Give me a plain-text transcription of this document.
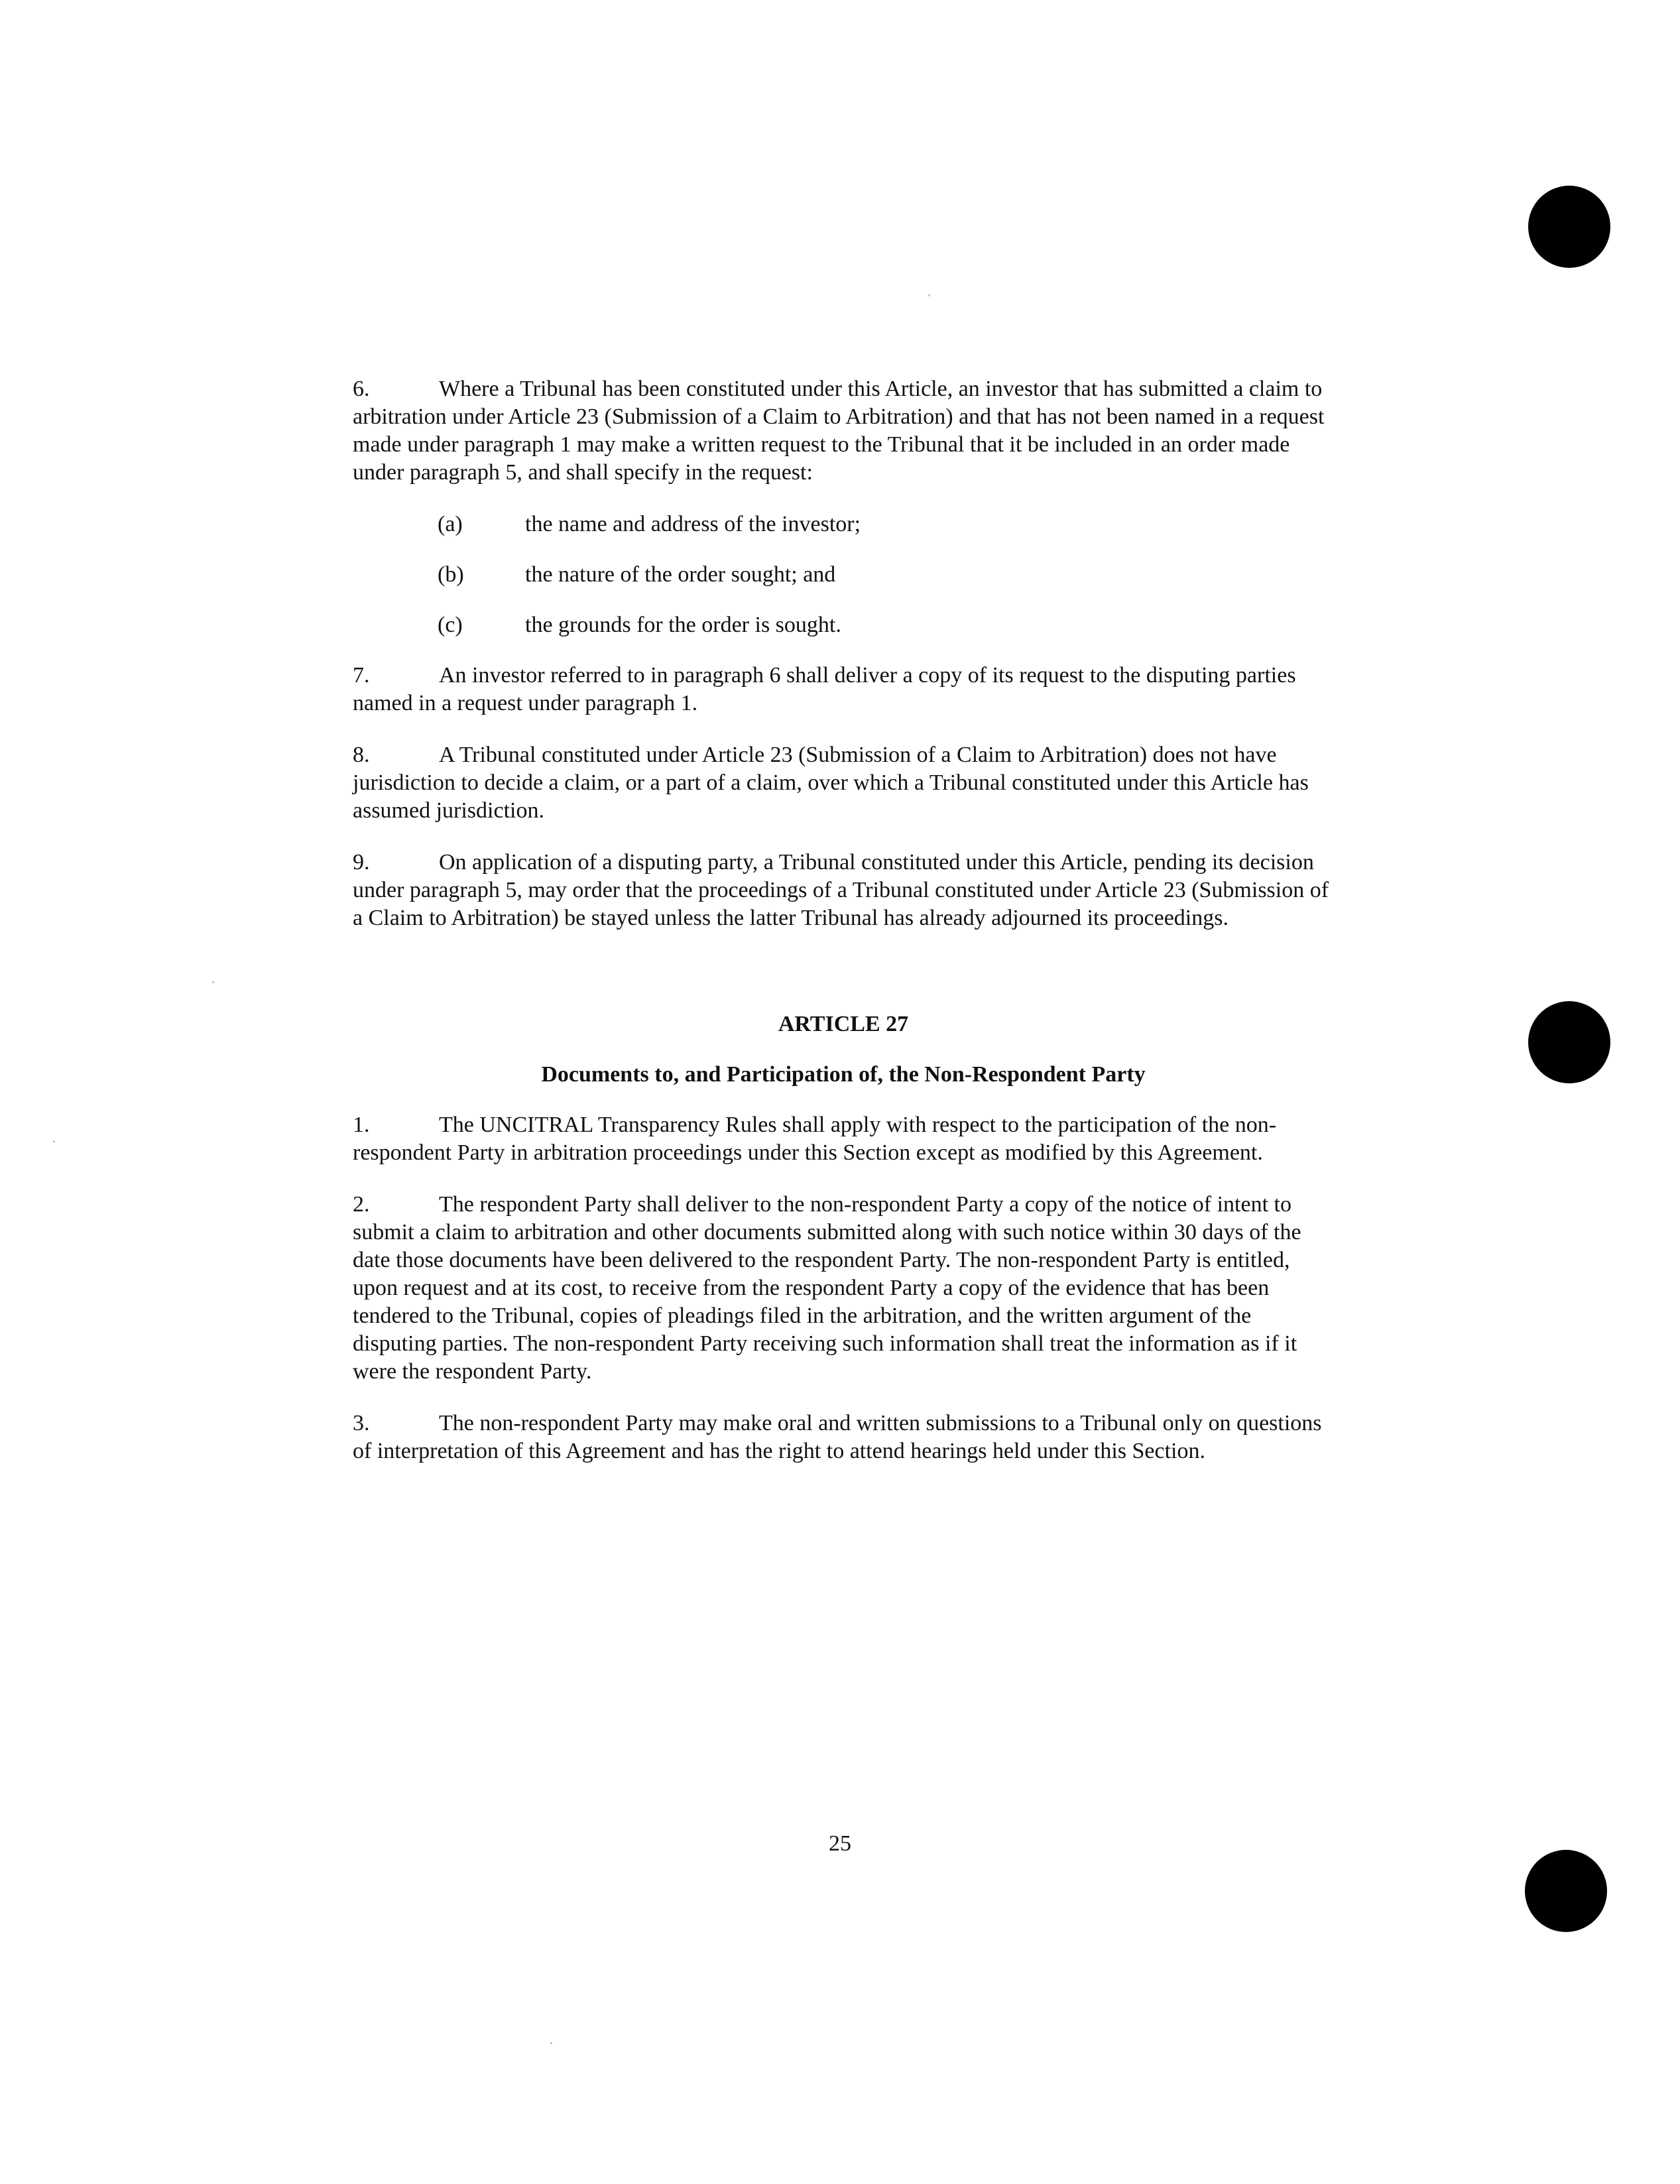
6.	Where a Tribunal has been constituted under this Article, an investor that has submitted a claim to arbitration under Article 23 (Submission of a Claim to Arbitration) and that has not been named in a request made under paragraph 1 may make a written request to the Tribunal that it be included in an order made under paragraph 5, and shall specify in the request:

(a)	the name and address of the investor;
(b)	the nature of the order sought; and
(c)	the grounds for the order is sought.

7.	An investor referred to in paragraph 6 shall deliver a copy of its request to the disputing parties named in a request under paragraph 1.

8.	A Tribunal constituted under Article 23 (Submission of a Claim to Arbitration) does not have jurisdiction to decide a claim, or a part of a claim, over which a Tribunal constituted under this Article has assumed jurisdiction.

9.	On application of a disputing party, a Tribunal constituted under this Article, pending its decision under paragraph 5, may order that the proceedings of a Tribunal constituted under Article 23 (Submission of a Claim to Arbitration) be stayed unless the latter Tribunal has already adjourned its proceedings.

ARTICLE 27
Documents to, and Participation of, the Non-Respondent Party

1.	The UNCITRAL Transparency Rules shall apply with respect to the participation of the non-respondent Party in arbitration proceedings under this Section except as modified by this Agreement.

2.	The respondent Party shall deliver to the non-respondent Party a copy of the notice of intent to submit a claim to arbitration and other documents submitted along with such notice within 30 days of the date those documents have been delivered to the respondent Party. The non-respondent Party is entitled, upon request and at its cost, to receive from the respondent Party a copy of the evidence that has been tendered to the Tribunal, copies of pleadings filed in the arbitration, and the written argument of the disputing parties. The non-respondent Party receiving such information shall treat the information as if it were the respondent Party.

3.	The non-respondent Party may make oral and written submissions to a Tribunal only on questions of interpretation of this Agreement and has the right to attend hearings held under this Section.

25
